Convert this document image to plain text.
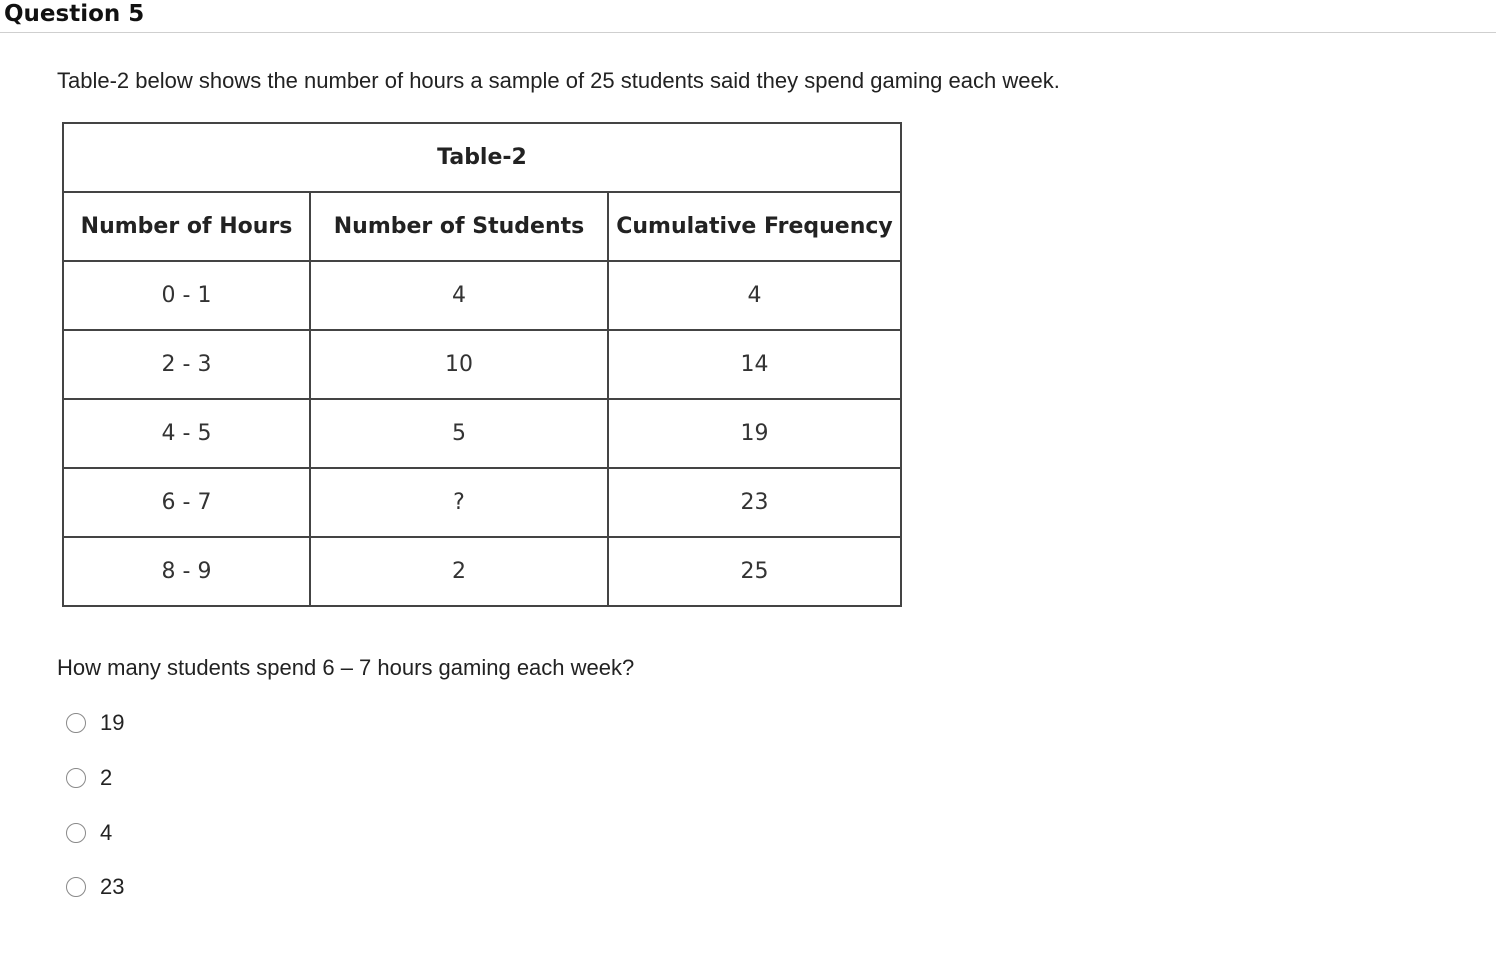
Question 5
Table-2 below shows the number of hours a sample of 25 students said they spend gaming each week.
Table-2		
Number of Hours	Number of Students	Cumulative Frequency
0 - 1	4	4
2 - 3	10	14
4 - 5	5	19
6 - 7	?	23
8 - 9	2	25
How many students spend 6 – 7 hours gaming each week?
19
2
4
23
